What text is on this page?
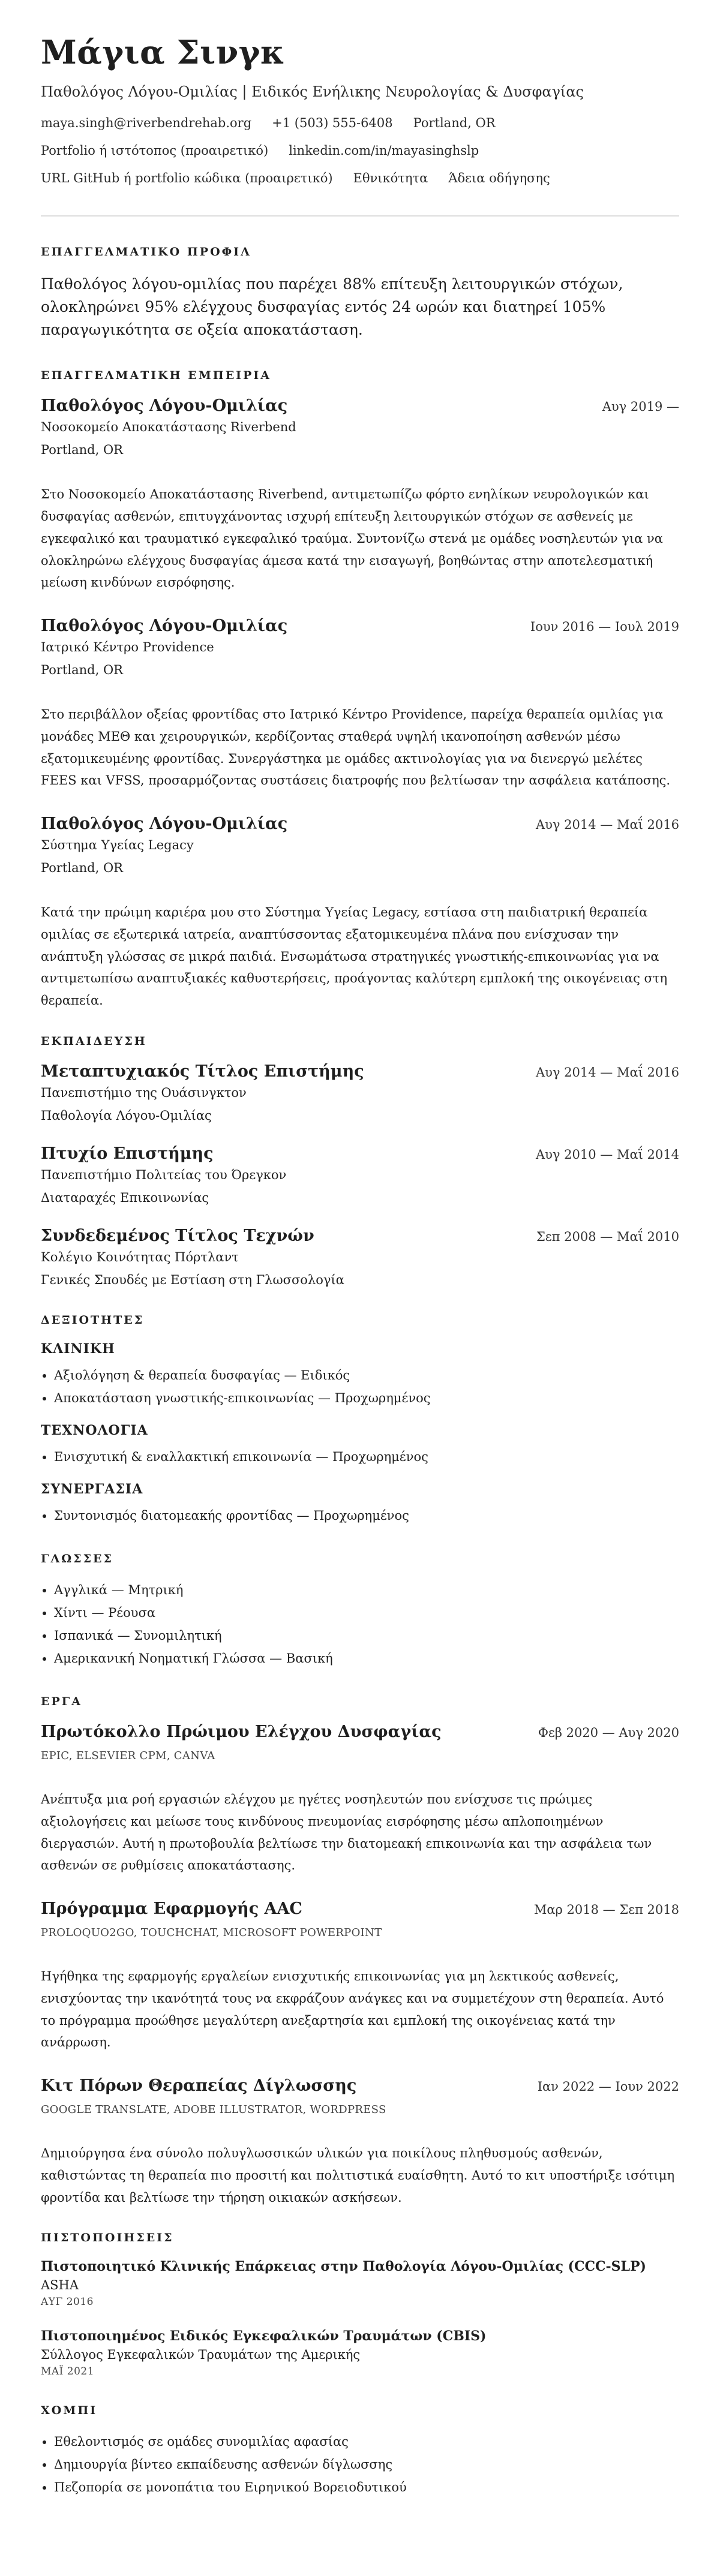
Μάγια Σινγκ
Παθολόγος Λόγου-Ομιλίας | Ειδικός Ενήλικης Νευρολογίας & Δυσφαγίας
maya.singh@riverbendrehab.org +1 (503) 555-6408 Portland, OR
Portfolio ή ιστότοπος (προαιρετικό) linkedin.com/in/mayasinghslp
URL GitHub ή portfolio κώδικα (προαιρετικό) Εθνικότητα Άδεια οδήγησης
ΕΠΑΓΓΕΛΜΑΤΙΚΟ ΠΡΟΦΙΛ
Παθολόγος λόγου-ομιλίας που παρέχει 88% επίτευξη λειτουργικών στόχων, ολοκληρώνει 95% ελέγχους δυσφαγίας εντός 24 ωρών και διατηρεί 105% παραγωγικότητα σε οξεία αποκατάσταση.
ΕΠΑΓΓΕΛΜΑΤΙΚΗ ΕΜΠΕΙΡΙΑ
Παθολόγος Λόγου-Ομιλίας	Αυγ 2019 —
Νοσοκομείο Αποκατάστασης Riverbend
Portland, OR
Στο Νοσοκομείο Αποκατάστασης Riverbend, αντιμετωπίζω φόρτο ενηλίκων νευρολογικών και δυσφαγίας ασθενών, επιτυγχάνοντας ισχυρή επίτευξη λειτουργικών στόχων σε ασθενείς με εγκεφαλικό και τραυματικό εγκεφαλικό τραύμα. Συντονίζω στενά με ομάδες νοσηλευτών για να ολοκληρώνω ελέγχους δυσφαγίας άμεσα κατά την εισαγωγή, βοηθώντας στην αποτελεσματική μείωση κινδύνων εισρόφησης.
Παθολόγος Λόγου-Ομιλίας	Ιουν 2016 — Ιουλ 2019
Ιατρικό Κέντρο Providence
Portland, OR
Στο περιβάλλον οξείας φροντίδας στο Ιατρικό Κέντρο Providence, παρείχα θεραπεία ομιλίας για μονάδες ΜΕΘ και χειρουργικών, κερδίζοντας σταθερά υψηλή ικανοποίηση ασθενών μέσω εξατομικευμένης φροντίδας. Συνεργάστηκα με ομάδες ακτινολογίας για να διενεργώ μελέτες FEES και VFSS, προσαρμόζοντας συστάσεις διατροφής που βελτίωσαν την ασφάλεια κατάποσης.
Παθολόγος Λόγου-Ομιλίας	Αυγ 2014 — Μαΐ 2016
Σύστημα Υγείας Legacy
Portland, OR
Κατά την πρώιμη καριέρα μου στο Σύστημα Υγείας Legacy, εστίασα στη παιδιατρική θεραπεία ομιλίας σε εξωτερικά ιατρεία, αναπτύσσοντας εξατομικευμένα πλάνα που ενίσχυσαν την ανάπτυξη γλώσσας σε μικρά παιδιά. Ενσωμάτωσα στρατηγικές γνωστικής-επικοινωνίας για να αντιμετωπίσω αναπτυξιακές καθυστερήσεις, προάγοντας καλύτερη εμπλοκή της οικογένειας στη θεραπεία.
ΕΚΠΑΙΔΕΥΣΗ
Μεταπτυχιακός Τίτλος Επιστήμης	Αυγ 2014 — Μαΐ 2016
Πανεπιστήμιο της Ουάσινγκτον
Παθολογία Λόγου-Ομιλίας
Πτυχίο Επιστήμης	Αυγ 2010 — Μαΐ 2014
Πανεπιστήμιο Πολιτείας του Όρεγκον
Διαταραχές Επικοινωνίας
Συνδεδεμένος Τίτλος Τεχνών	Σεπ 2008 — Μαΐ 2010
Κολέγιο Κοινότητας Πόρτλαντ
Γενικές Σπουδές με Εστίαση στη Γλωσσολογία
ΔΕΞΙΟΤΗΤΕΣ
ΚΛΙΝΙΚΗ
• Αξιολόγηση & θεραπεία δυσφαγίας — Ειδικός
• Αποκατάσταση γνωστικής-επικοινωνίας — Προχωρημένος
ΤΕΧΝΟΛΟΓΙΑ
• Ενισχυτική & εναλλακτική επικοινωνία — Προχωρημένος
ΣΥΝΕΡΓΑΣΙΑ
• Συντονισμός διατομεακής φροντίδας — Προχωρημένος
ΓΛΩΣΣΕΣ
• Αγγλικά — Μητρική
• Χίντι — Ρέουσα
• Ισπανικά — Συνομιλητική
• Αμερικανική Νοηματική Γλώσσα — Βασική
ΕΡΓΑ
Πρωτόκολλο Πρώιμου Ελέγχου Δυσφαγίας	Φεβ 2020 — Αυγ 2020
EPIC, ELSEVIER CPM, CANVA
Ανέπτυξα μια ροή εργασιών ελέγχου με ηγέτες νοσηλευτών που ενίσχυσε τις πρώιμες αξιολογήσεις και μείωσε τους κινδύνους πνευμονίας εισρόφησης μέσω απλοποιημένων διεργασιών. Αυτή η πρωτοβουλία βελτίωσε την διατομεακή επικοινωνία και την ασφάλεια των ασθενών σε ρυθμίσεις αποκατάστασης.
Πρόγραμμα Εφαρμογής AAC	Μαρ 2018 — Σεπ 2018
PROLOQUO2GO, TOUCHCHAT, MICROSOFT POWERPOINT
Ηγήθηκα της εφαρμογής εργαλείων ενισχυτικής επικοινωνίας για μη λεκτικούς ασθενείς, ενισχύοντας την ικανότητά τους να εκφράζουν ανάγκες και να συμμετέχουν στη θεραπεία. Αυτό το πρόγραμμα προώθησε μεγαλύτερη ανεξαρτησία και εμπλοκή της οικογένειας κατά την ανάρρωση.
Κιτ Πόρων Θεραπείας Δίγλωσσης	Ιαν 2022 — Ιουν 2022
GOOGLE TRANSLATE, ADOBE ILLUSTRATOR, WORDPRESS
Δημιούργησα ένα σύνολο πολυγλωσσικών υλικών για ποικίλους πληθυσμούς ασθενών, καθιστώντας τη θεραπεία πιο προσιτή και πολιτιστικά ευαίσθητη. Αυτό το κιτ υποστήριξε ισότιμη φροντίδα και βελτίωσε την τήρηση οικιακών ασκήσεων.
ΠΙΣΤΟΠΟΙΗΣΕΙΣ
Πιστοποιητικό Κλινικής Επάρκειας στην Παθολογία Λόγου-Ομιλίας (CCC-SLP)
ASHA
ΑΥΓ 2016
Πιστοποιημένος Ειδικός Εγκεφαλικών Τραυμάτων (CBIS)
Σύλλογος Εγκεφαλικών Τραυμάτων της Αμερικής
ΜΑΪ 2021
ΧΟΜΠΙ
• Εθελοντισμός σε ομάδες συνομιλίας αφασίας
• Δημιουργία βίντεο εκπαίδευσης ασθενών δίγλωσσης
• Πεζοπορία σε μονοπάτια του Ειρηνικού Βορειοδυτικού
